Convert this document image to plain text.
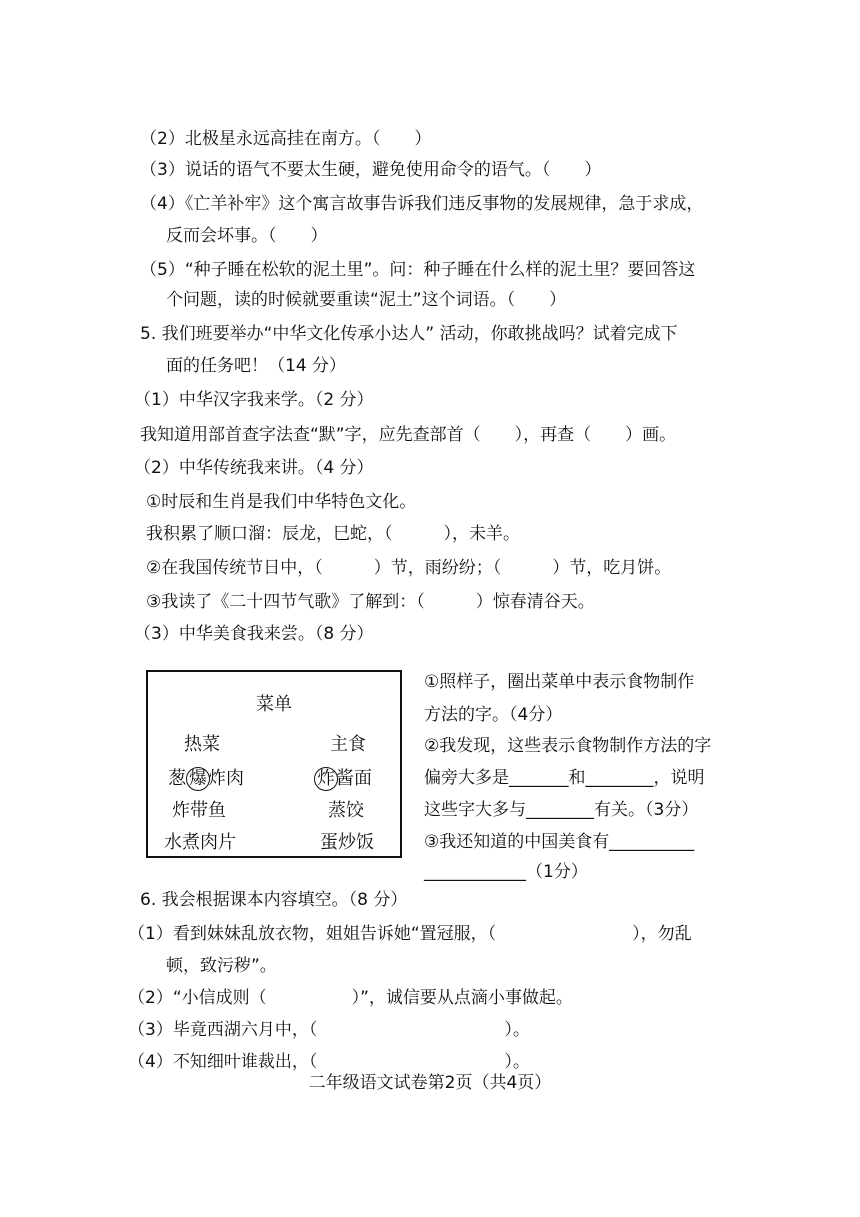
（2）北极星永远高挂在南方。（　　）
（3）说话的语气不要太生硬，避免使用命令的语气。（　　）
（4）《亡羊补牢》这个寓言故事告诉我们违反事物的发展规律，急于求成，
反而会坏事。（　　）
（5）“种子睡在松软的泥土里”。问：种子睡在什么样的泥土里？要回答这
个问题，读的时候就要重读“泥土”这个词语。（　　）
5. 我们班要举办“中华文化传承小达人” 活动，你敢挑战吗？试着完成下
面的任务吧！（14 分）
（1）中华汉字我来学。（2 分）
我知道用部首查字法查“默”字，应先查部首（　　），再查（　　）画。
（2）中华传统我来讲。（4 分）
①时辰和生肖是我们中华特色文化。
我积累了顺口溜：辰龙，巳蛇，（　　　），未羊。
②在我国传统节日中，（　　　）节，雨纷纷；（　　　）节，吃月饼。
③我读了《二十四节气歌》了解到：（　　　）惊春清谷天。
（3）中华美食我来尝。（8 分）
菜单
热菜	主食
葱 爆炸肉	炸酱面
炸带鱼	蒸饺
水煮肉片	蛋炒饭
①照样子，圈出菜单中表示食物制作
方法的字。（4分）
②我发现，这些表示食物制作方法的字
偏旁大多是_______和________，说明
这些字大多与________有关。（3分）
③我还知道的中国美食有__________
____________（1分）
6. 我会根据课本内容填空。（8 分）
（1）看到妹妹乱放衣物，姐姐告诉她“置冠服，（　　　　　　　　），勿乱
顿，致污秽”。
（2）“小信成则（　　　　　）”，诚信要从点滴小事做起。
（3）毕竟西湖六月中，（　　　　　　　　　　　）。
（4）不知细叶谁裁出，（　　　　　　　　　　　）。
二年级语文试卷第2页（共4页）
